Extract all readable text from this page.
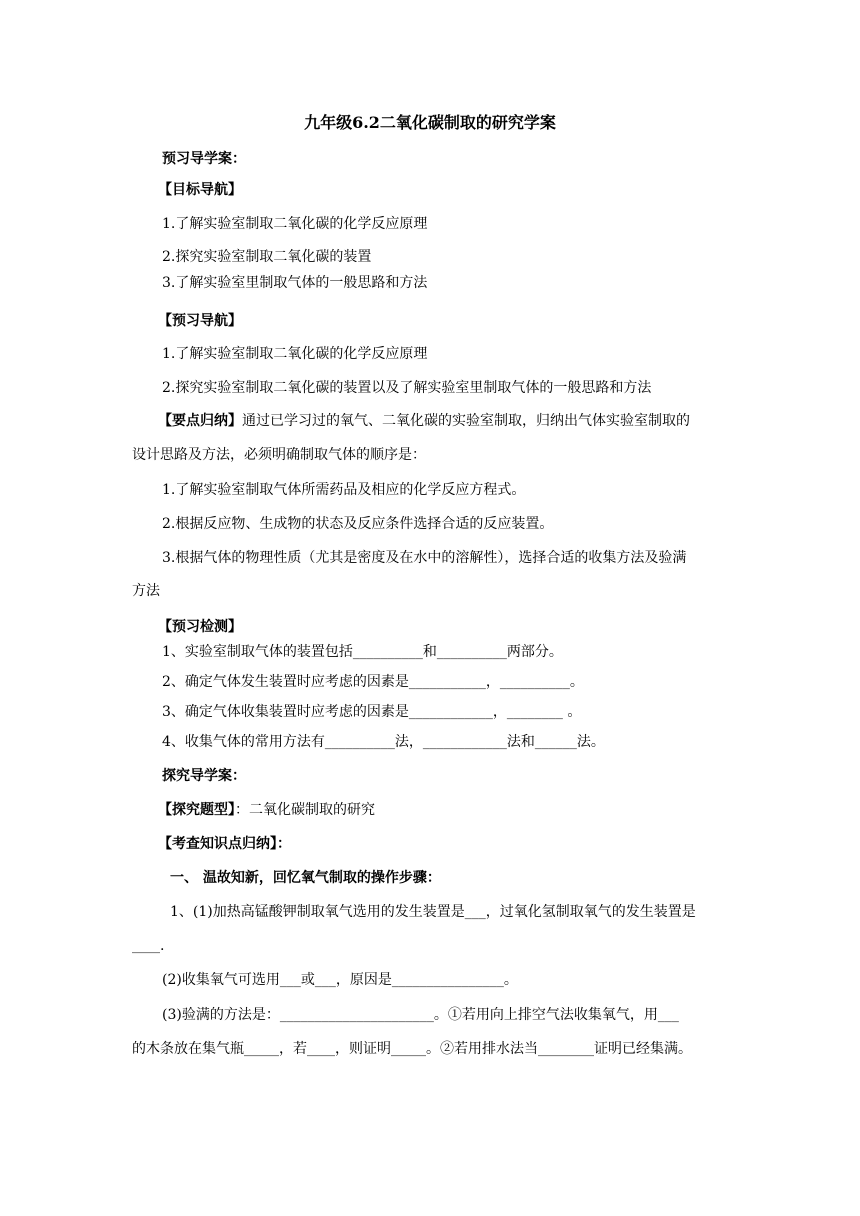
九年级6.2二氧化碳制取的研究学案
预习导学案：
【目标导航】
1.了解实验室制取二氧化碳的化学反应原理
2.探究实验室制取二氧化碳的装置
3.了解实验室里制取气体的一般思路和方法
【预习导航】
1.了解实验室制取二氧化碳的化学反应原理
2.探究实验室制取二氧化碳的装置以及了解实验室里制取气体的一般思路和方法
【要点归纳】通过已学习过的氧气、二氧化碳的实验室制取，归纳出气体实验室制取的
设计思路及方法，必须明确制取气体的顺序是：
1.了解实验室制取气体所需药品及相应的化学反应方程式。
2.根据反应物、生成物的状态及反应条件选择合适的反应装置。
3.根据气体的物理性质（尤其是密度及在水中的溶解性），选择合适的收集方法及验满
方法
【预习检测】
1、实验室制取气体的装置包括__________和__________两部分。
2、确定气体发生装置时应考虑的因素是___________，__________。
3、确定气体收集装置时应考虑的因素是____________，________ 。
4、收集气体的常用方法有__________法，____________法和______法。
探究导学案：
【探究题型】：二氧化碳制取的研究
【考查知识点归纳】：
一、 温故知新，回忆氧气制取的操作步骤：
1、(1)加热高锰酸钾制取氧气选用的发生装置是___，过氧化氢制取氧气的发生装置是
____.
(2)收集氧气可选用___或___，原因是________________。
(3)验满的方法是：______________________。①若用向上排空气法收集氧气，用___
的木条放在集气瓶_____，若____，则证明_____。②若用排水法当________证明已经集满。
